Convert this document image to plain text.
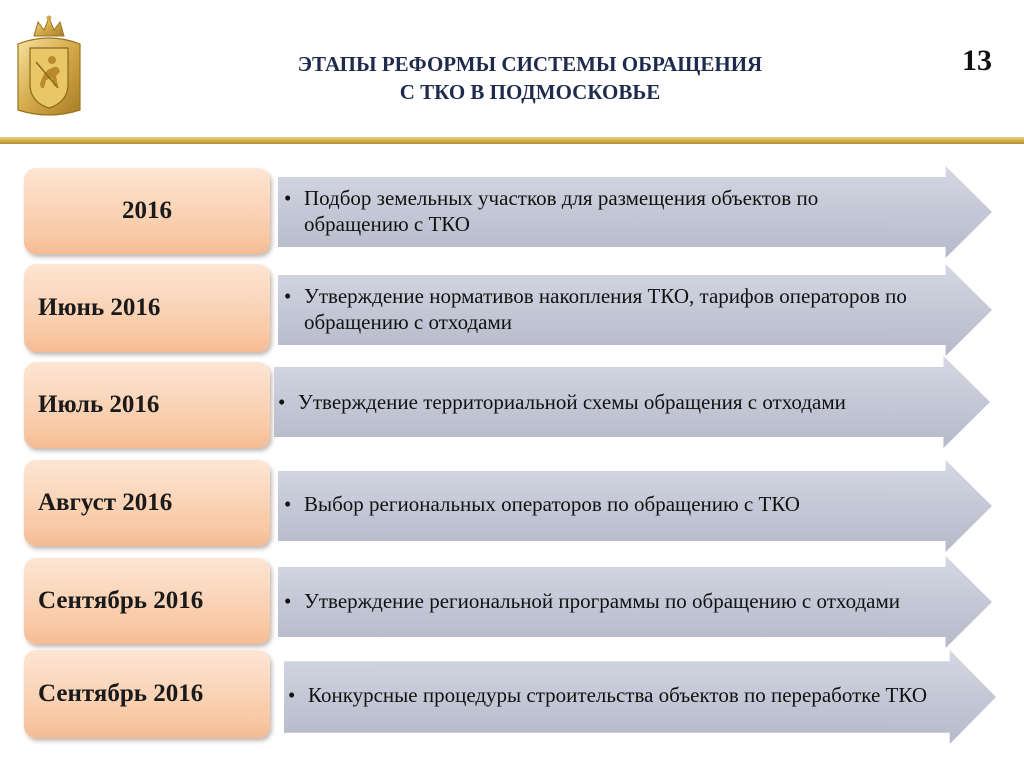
ЭТАПЫ РЕФОРМЫ СИСТЕМЫ ОБРАЩЕНИЯ
С ТКО В ПОДМОСКОВЬЕ
13
2016	• Подбор земельных участков для размещения объектов по обращению с ТКО
Июнь 2016	• Утверждение нормативов накопления ТКО, тарифов операторов по обращению с отходами
Июль 2016	• Утверждение территориальной схемы обращения с отходами
Август 2016	• Выбор региональных операторов по обращению с ТКО
Сентябрь 2016	• Утверждение региональной программы по обращению с отходами
Сентябрь 2016	• Конкурсные процедуры строительства объектов по переработке ТКО
